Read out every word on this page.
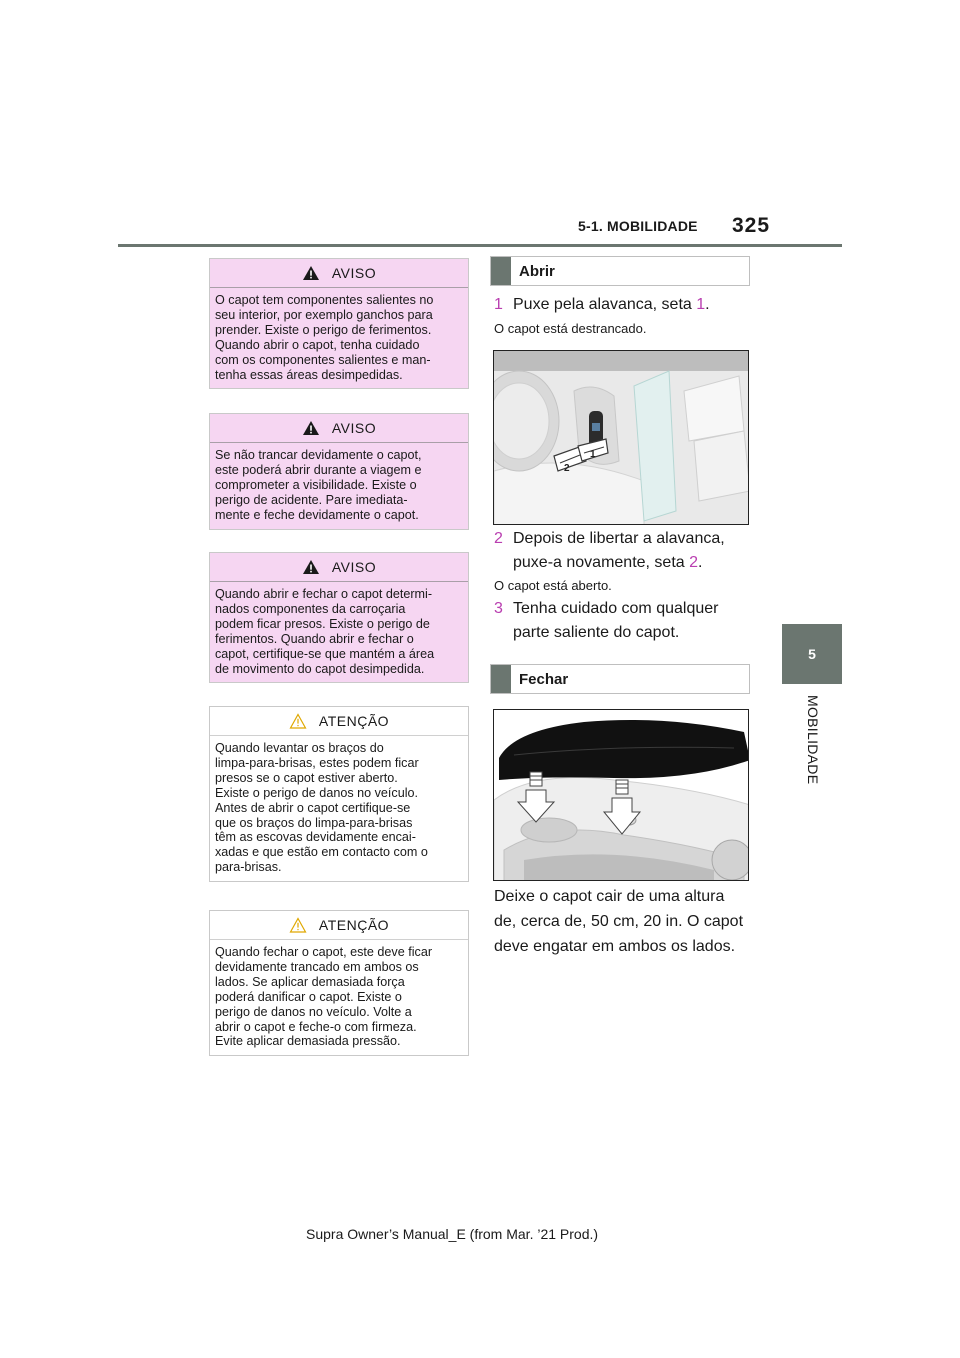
5-1. MOBILIDADE 325
5
MOBILIDADE
AVISO
O capot tem componentes salientes no
seu interior, por exemplo ganchos para
prender. Existe o perigo de ferimentos.
Quando abrir o capot, tenha cuidado
com os componentes salientes e man-
tenha essas áreas desimpedidas.
AVISO
Se não trancar devidamente o capot,
este poderá abrir durante a viagem e
comprometer a visibilidade. Existe o
perigo de acidente. Pare imediata-
mente e feche devidamente o capot.
AVISO
Quando abrir e fechar o capot determi-
nados componentes da carroçaria
podem ficar presos. Existe o perigo de
ferimentos. Quando abrir e fechar o
capot, certifique-se que mantém a área
de movimento do capot desimpedida.
ATENÇÃO
Quando levantar os braços do
limpa-para-brisas, estes podem ficar
presos se o capot estiver aberto.
Existe o perigo de danos no veículo.
Antes de abrir o capot certifique-se
que os braços do limpa-para-brisas
têm as escovas devidamente encai-
xadas e que estão em contacto com o
para-brisas.
ATENÇÃO
Quando fechar o capot, este deve ficar
devidamente trancado em ambos os
lados. Se aplicar demasiada força
poderá danificar o capot. Existe o
perigo de danos no veículo. Volte a
abrir o capot e feche-o com firmeza.
Evite aplicar demasiada pressão.
Abrir
1 Puxe pela alavanca, seta 1.
O capot está destrancado.
2
1
2 Depois de libertar a alavanca,
puxe-a novamente, seta 2.
O capot está aberto.
3 Tenha cuidado com qualquer
parte saliente do capot.
Fechar
Deixe o capot cair de uma altura
de, cerca de, 50 cm, 20 in. O capot
deve engatar em ambos os lados.
Supra Owner’s Manual_E (from Mar. ’21 Prod.)
